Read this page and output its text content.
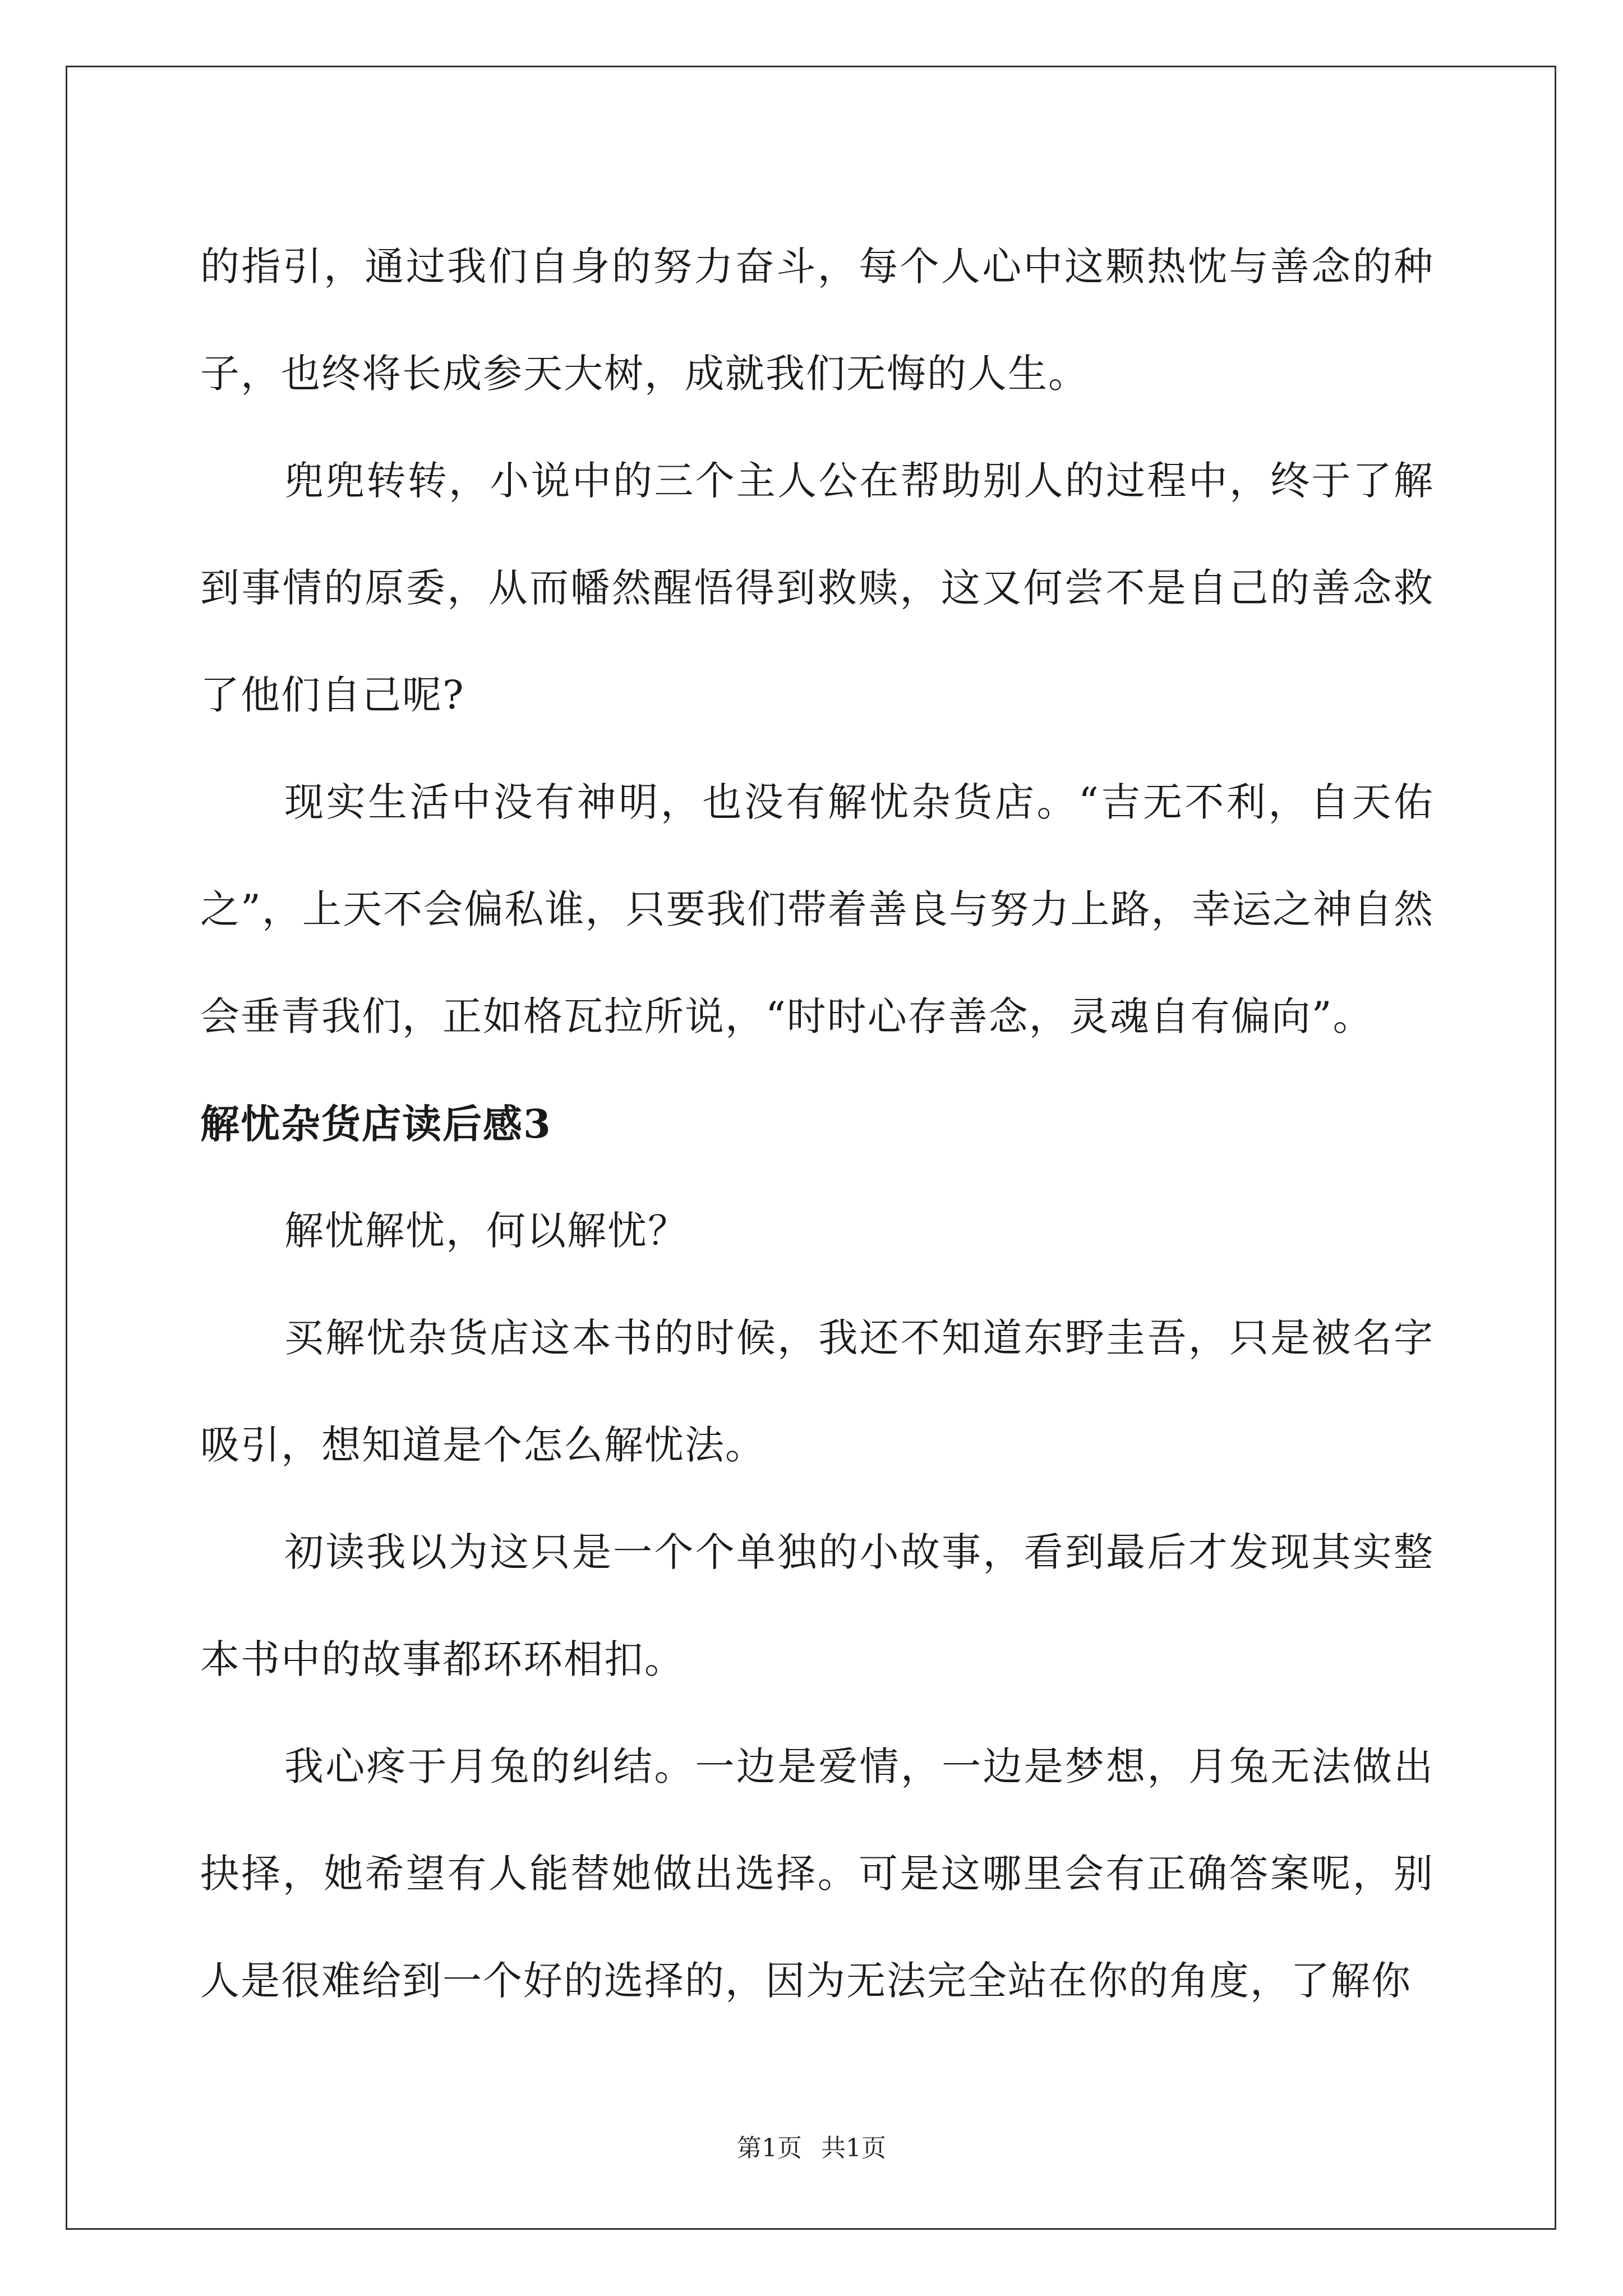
的指引，通过我们自身的努力奋斗，每个人心中这颗热忱与善念的种子，也终将长成参天大树，成就我们无悔的人生。

兜兜转转，小说中的三个主人公在帮助别人的过程中，终于了解到事情的原委，从而幡然醒悟得到救赎，这又何尝不是自己的善念救了他们自己呢?

现实生活中没有神明，也没有解忧杂货店。“吉无不利，自天佑之”，上天不会偏私谁，只要我们带着善良与努力上路，幸运之神自然会垂青我们，正如格瓦拉所说，“时时心存善念，灵魂自有偏向”。

解忧杂货店读后感3

解忧解忧，何以解忧？

买解忧杂货店这本书的时候，我还不知道东野圭吾，只是被名字吸引，想知道是个怎么解忧法。

初读我以为这只是一个个单独的小故事，看到最后才发现其实整本书中的故事都环环相扣。

我心疼于月兔的纠结。一边是爱情，一边是梦想，月兔无法做出抉择，她希望有人能替她做出选择。可是这哪里会有正确答案呢，别人是很难给到一个好的选择的，因为无法完全站在你的角度，了解你

第1页 共1页
